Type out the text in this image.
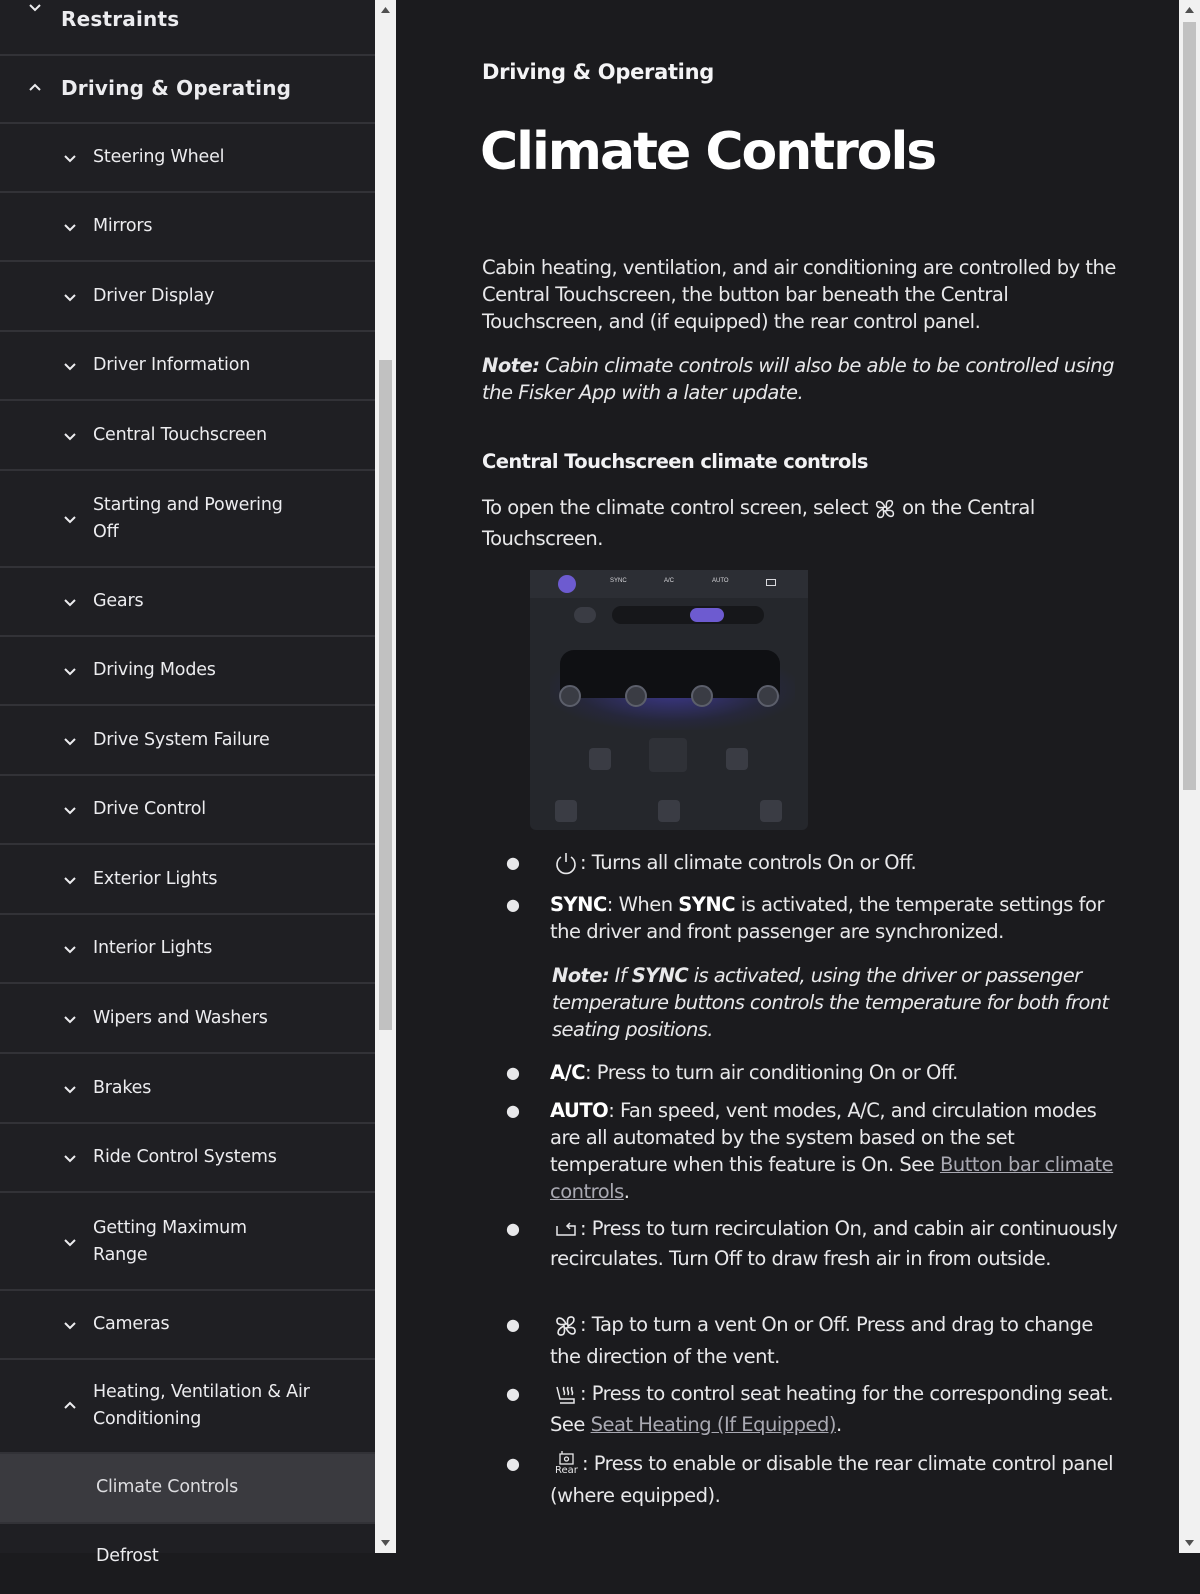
Restraints
Driving & Operating
Steering Wheel
Mirrors
Driver Display
Driver Information
Central Touchscreen
Starting and Powering Off
Gears
Driving Modes
Drive System Failure
Drive Control
Exterior Lights
Interior Lights
Wipers and Washers
Brakes
Ride Control Systems
Getting Maximum Range
Cameras
Heating, Ventilation & Air Conditioning
Climate Controls
Defrost
Driving & Operating
Climate Controls

Cabin heating, ventilation, and air conditioning are controlled by the Central Touchscreen, the button bar beneath the Central Touchscreen, and (if equipped) the rear control panel.

Note: Cabin climate controls will also be able to be controlled using the Fisker App with a later update.

Central Touchscreen climate controls

To open the climate control screen, select on the Central Touchscreen.

SYNC	A/C	AUTO
●	: Turns all climate controls On or Off.
● SYNC: When SYNC is activated, the temperate settings for the driver and front passenger are synchronized.

Note: If SYNC is activated, using the driver or passenger temperature buttons controls the temperature for both front seating positions.

● A/C: Press to turn air conditioning On or Off.
● AUTO: Fan speed, vent modes, A/C, and circulation modes are all automated by the system based on the set temperature when this feature is On. See Button bar climate controls.
●	: Press to turn recirculation On, and cabin air continuously recirculates. Turn Off to draw fresh air in from outside.
●	: Tap to turn a vent On or Off. Press and drag to change the direction of the vent.
●	: Press to control seat heating for the corresponding seat. See Seat Heating (If Equipped).
●	Rear : Press to enable or disable the rear climate control panel (where equipped).
